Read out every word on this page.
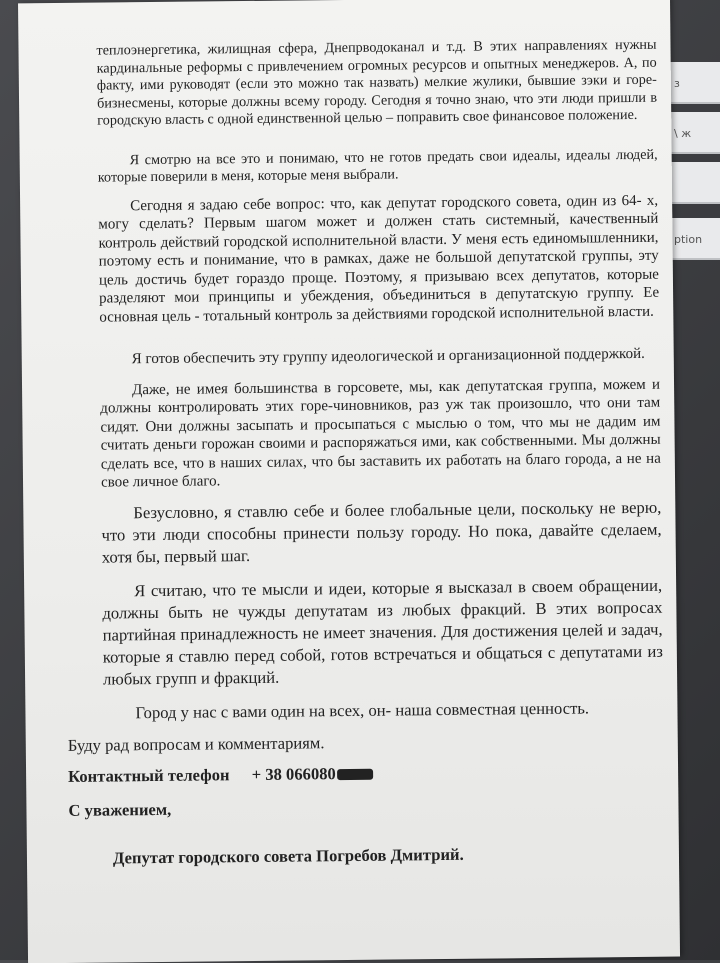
з
\ ж
ption

теплоэнергетика, жилищная сфера, Днепрводоканал и т.д. В этих направлениях нужны кардинальные реформы с привлечением огромных ресурсов и опытных менеджеров. А, по факту, ими руководят (если это можно так назвать) мелкие жулики, бывшие зэки и горе-бизнесмены, которые должны всему городу. Сегодня я точно знаю, что эти люди пришли в городскую власть с одной единственной целью – поправить свое финансовое положение.

Я смотрю на все это и понимаю, что не готов предать свои идеалы, идеалы людей, которые поверили в меня, которые меня выбрали.

Сегодня я задаю себе вопрос: что, как депутат городского совета, один из 64- х, могу сделать? Первым шагом может и должен стать системный, качественный контроль действий городской исполнительной власти. У меня есть единомышленники, поэтому есть и понимание, что в рамках, даже не большой депутатской группы, эту цель достичь будет гораздо проще. Поэтому, я призываю всех депутатов, которые разделяют мои принципы и убеждения, объединиться в депутатскую группу. Ее основная цель - тотальный контроль за действиями городской исполнительной власти.

Я готов обеспечить эту группу идеологической и организационной поддержкой.

Даже, не имея большинства в горсовете, мы, как депутатская группа, можем и должны контролировать этих горе-чиновников, раз уж так произошло, что они там сидят. Они должны засыпать и просыпаться с мыслью о том, что мы не дадим им считать деньги горожан своими и распоряжаться ими, как собственными. Мы должны сделать все, что в наших силах, что бы заставить их работать на благо города, а не на свое личное благо.

Безусловно, я ставлю себе и более глобальные цели, поскольку не верю, что эти люди способны принести пользу городу. Но пока, давайте сделаем, хотя бы, первый шаг.

Я считаю, что те мысли и идеи, которые я высказал в своем обращении, должны быть не чужды депутатам из любых фракций. В этих вопросах партийная принадлежность не имеет значения. Для достижения целей и задач, которые я ставлю перед собой, готов встречаться и общаться с депутатами из любых групп и фракций.

Город у нас с вами один на всех, он- наша совместная ценность.

Буду рад вопросам и комментариям.

Контактный телефон + 38 066080

С уважением,

Депутат городского совета Погребов Дмитрий.
